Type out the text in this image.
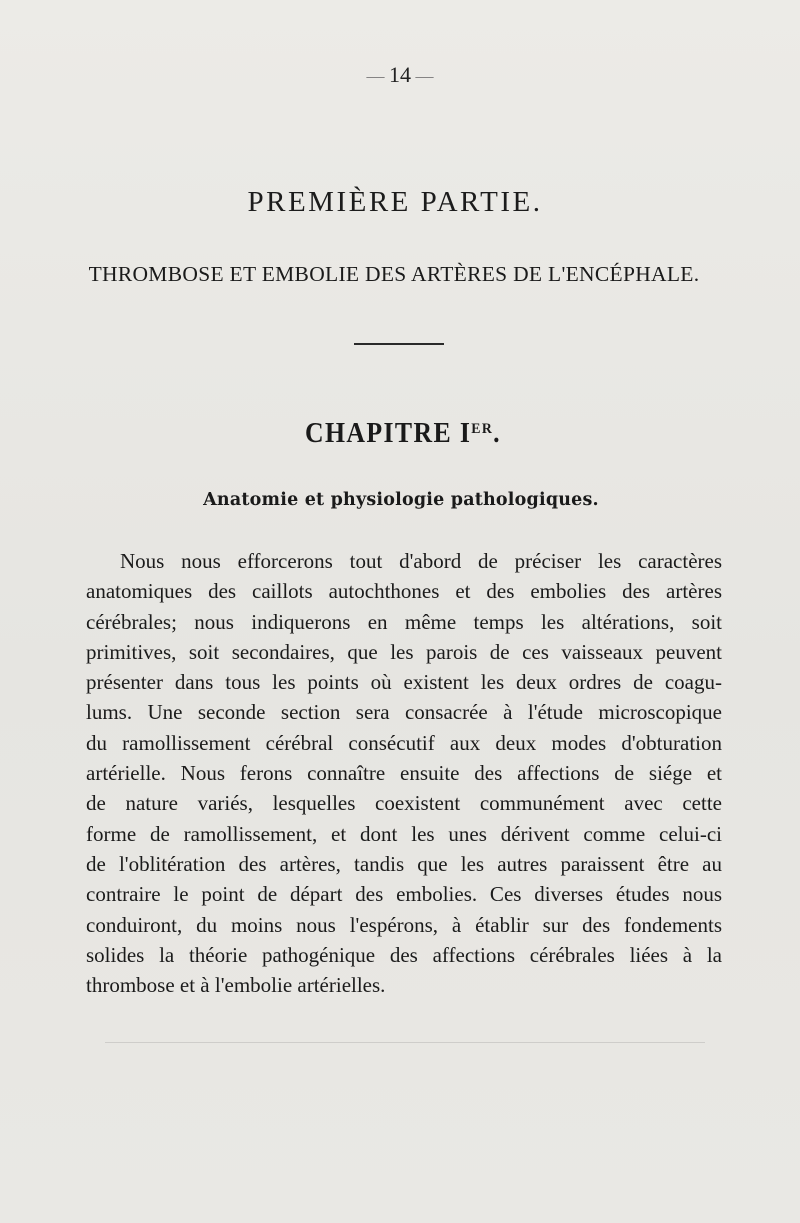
— 14 —
PREMIÈRE PARTIE.
THROMBOSE ET EMBOLIE DES ARTÈRES DE L'ENCÉPHALE.
CHAPITRE IER.
Anatomie et physiologie pathologiques.
Nous nous efforcerons tout d'abord de préciser les caractères
anatomiques des caillots autochthones et des embolies des artères
cérébrales; nous indiquerons en même temps les altérations, soit
primitives, soit secondaires, que les parois de ces vaisseaux peuvent
présenter dans tous les points où existent les deux ordres de coagu-
lums. Une seconde section sera consacrée à l'étude microscopique
du ramollissement cérébral consécutif aux deux modes d'obturation
artérielle. Nous ferons connaître ensuite des affections de siége et
de nature variés, lesquelles coexistent communément avec cette
forme de ramollissement, et dont les unes dérivent comme celui-ci
de l'oblitération des artères, tandis que les autres paraissent être au
contraire le point de départ des embolies. Ces diverses études nous
conduiront, du moins nous l'espérons, à établir sur des fondements
solides la théorie pathogénique des affections cérébrales liées à la
thrombose et à l'embolie artérielles.
